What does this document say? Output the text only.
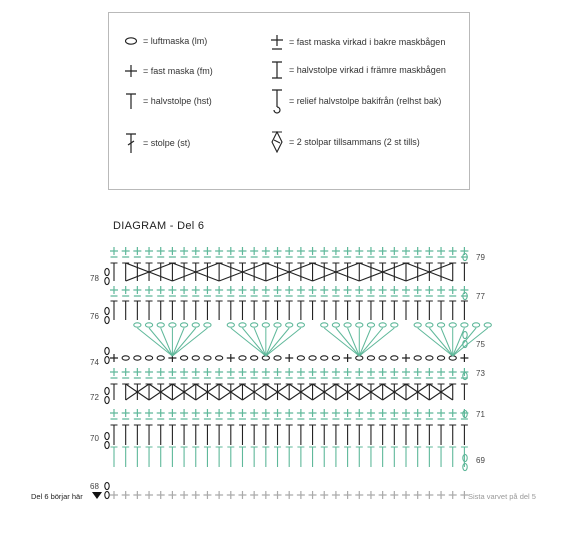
= luftmaska (lm)
= fast maska (fm)
= halvstolpe (hst)
= stolpe (st)
= fast maska virkad i bakre maskbågen
= halvstolpe virkad i främre maskbågen
= relief halvstolpe bakifrån (relhst bak)
= 2 stolpar tillsammans (2 st tills)
DIAGRAM - Del 6
78
76
74
72
70
68
79
77
75
73
71
69
Del 6 börjar här	Sista varvet på del 5
